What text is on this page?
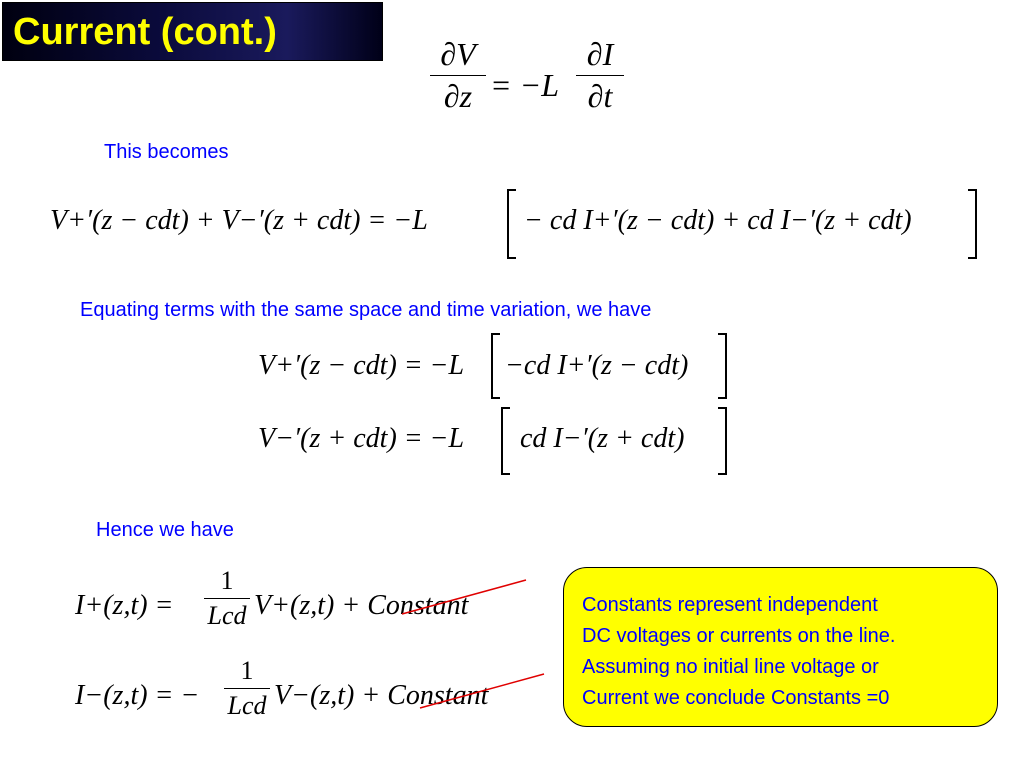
Current (cont.)
∂V
∂z = −L
∂I
∂t
This becomes
V+′(z − cdt) + V−′(z + cdt) = −L	− cd I+′(z − cdt) + cd I−′(z + cdt)
Equating terms with the same space and time variation, we have
V+′(z − cdt) = −L −cd I+′(z − cdt)
V−′(z + cdt) = −L cd I−′(z + cdt)
Hence we have
I+(z,t) =
1
Lcd V+(z,t) + Constant
I−(z,t) = −
1
Lcd V−(z,t) + Constant
Constants represent independent
DC voltages or currents on the line.
Assuming no initial line voltage or
Current we conclude Constants =0
